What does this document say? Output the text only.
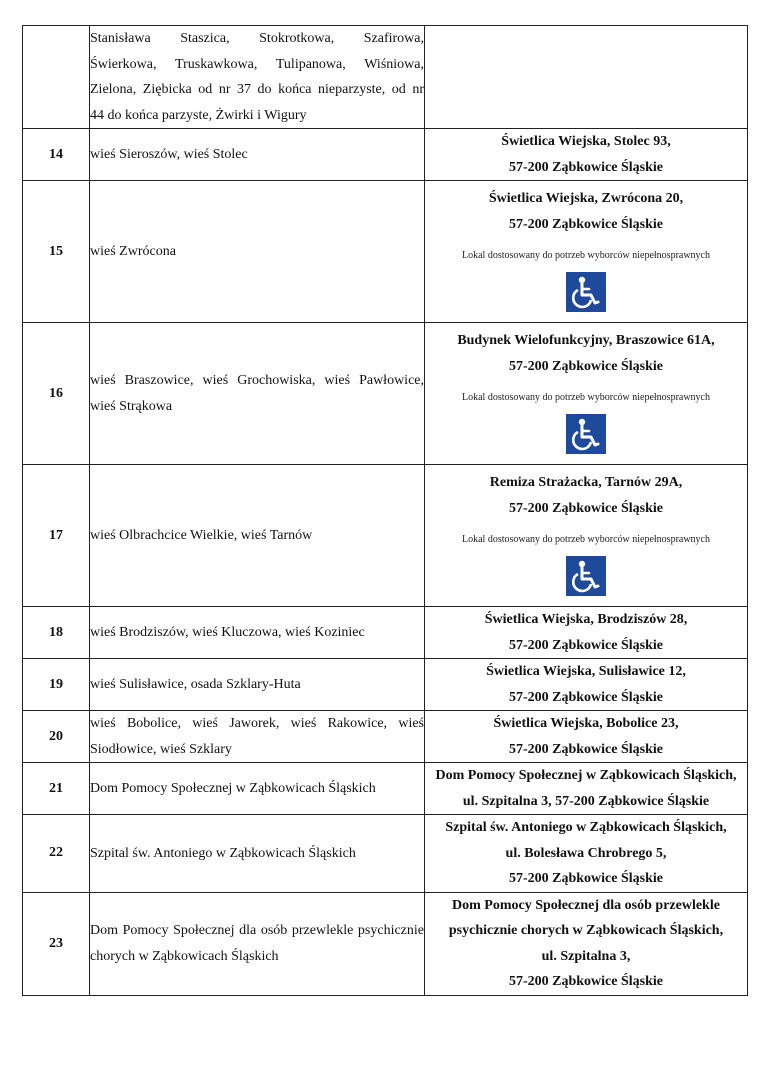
	Stanisława Staszica, Stokrotkowa, Szafirowa,
Świerkowa, Truskawkowa, Tulipanowa, Wiśniowa,
Zielona, Ziębicka od nr 37 do końca nieparzyste, od nr
44 do końca parzyste, Żwirki i Wigury	

14	wieś Sieroszów, wieś Stolec	Świetlica Wiejska, Stolec 93,
57-200 Ząbkowice Śląskie

15	wieś Zwrócona	Świetlica Wiejska, Zwrócona 20,
57-200 Ząbkowice Śląskie
Lokal dostosowany do potrzeb wyborców niepełnosprawnych

16	wieś Braszowice, wieś Grochowiska, wieś Pawłowice, wieś Strąkowa	Budynek Wielofunkcyjny, Braszowice 61A,
57-200 Ząbkowice Śląskie
Lokal dostosowany do potrzeb wyborców niepełnosprawnych

17	wieś Olbrachcice Wielkie, wieś Tarnów	Remiza Strażacka, Tarnów 29A,
57-200 Ząbkowice Śląskie
Lokal dostosowany do potrzeb wyborców niepełnosprawnych

18	wieś Brodziszów, wieś Kluczowa, wieś Koziniec	Świetlica Wiejska, Brodziszów 28,
57-200 Ząbkowice Śląskie

19	wieś Sulisławice, osada Szklary-Huta	Świetlica Wiejska, Sulisławice 12,
57-200 Ząbkowice Śląskie

20	wieś Bobolice, wieś Jaworek, wieś Rakowice, wieś Siodłowice, wieś Szklary	Świetlica Wiejska, Bobolice 23,
57-200 Ząbkowice Śląskie

21	Dom Pomocy Społecznej w Ząbkowicach Śląskich	Dom Pomocy Społecznej w Ząbkowicach Śląskich,
ul. Szpitalna 3, 57-200 Ząbkowice Śląskie

22	Szpital św. Antoniego w Ząbkowicach Śląskich	Szpital św. Antoniego w Ząbkowicach Śląskich,
ul. Bolesława Chrobrego 5,
57-200 Ząbkowice Śląskie

23	Dom Pomocy Społecznej dla osób przewlekle psychicznie chorych w Ząbkowicach Śląskich	Dom Pomocy Społecznej dla osób przewlekle
psychicznie chorych w Ząbkowicach Śląskich,
ul. Szpitalna 3,
57-200 Ząbkowice Śląskie
